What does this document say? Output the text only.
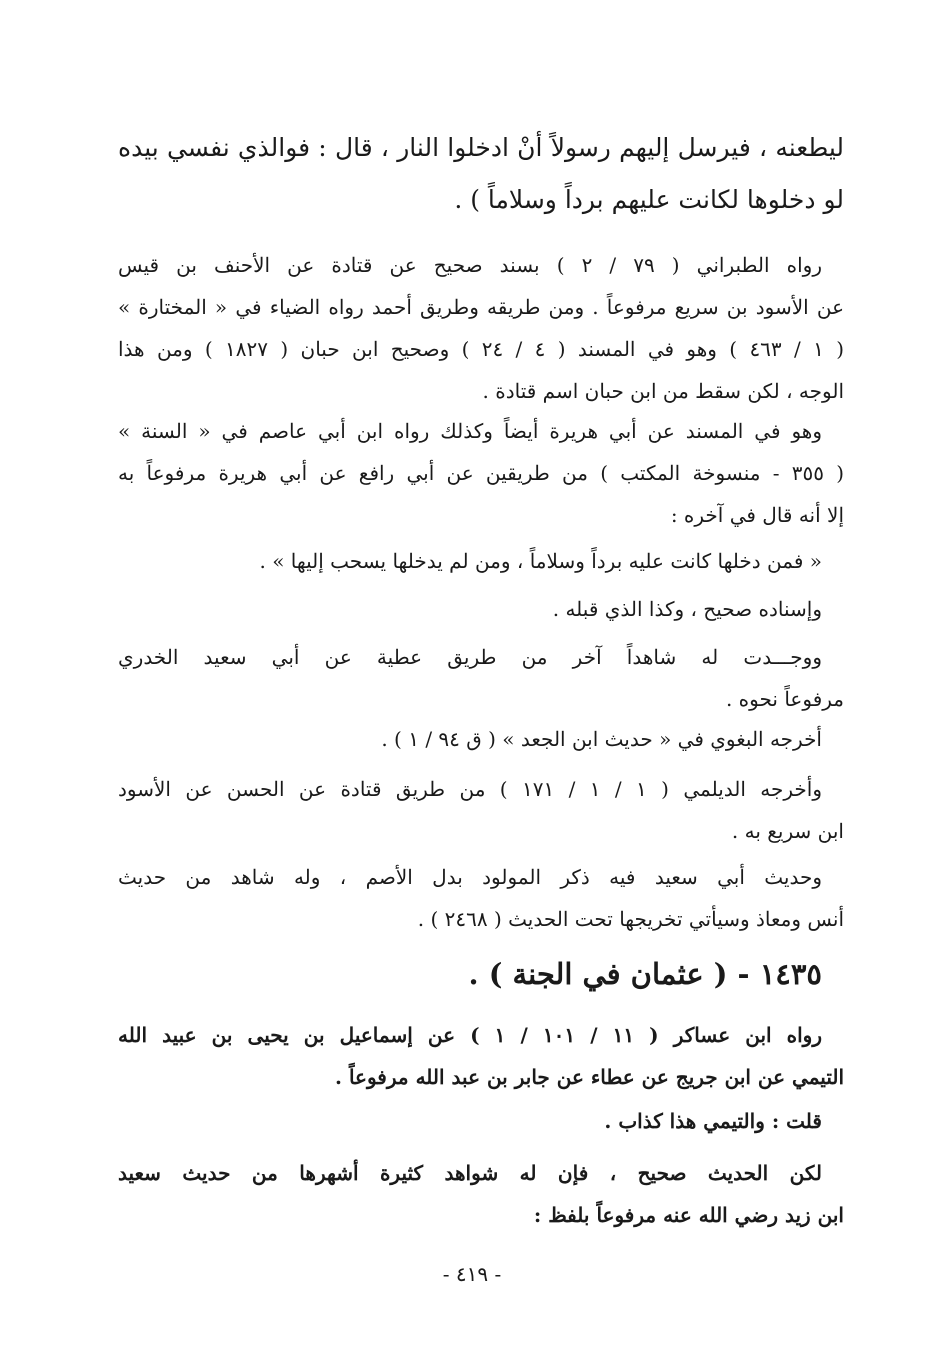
ليطعنه ، فيرسل إليهم رسولاً أنْ ادخلوا النار ، قال : فوالذي نفسي بيده
لو دخلوها لكانت عليهم برداً وسلاماً ) .
رواه الطبراني ( ٧٩ / ٢ ) بسند صحيح عن قتادة عن الأحنف بن قيس
عن الأسود بن سريع مرفوعاً . ومن طريقه وطريق أحمد رواه الضياء في « المختارة »
( ١ / ٤٦٣ ) وهو في المسند ( ٤ / ٢٤ ) وصحيح ابن حبان ( ١٨٢٧ ) ومن هذا
الوجه ، لكن سقط من ابن حبان اسم قتادة .
وهو في المسند عن أبي هريرة أيضاً وكذلك رواه ابن أبي عاصم في « السنة »
( ٣٥٥ - منسوخة المكتب ) من طريقين عن أبي رافع عن أبي هريرة مرفوعاً به
إلا أنه قال في آخره :
« فمن دخلها كانت عليه برداً وسلاماً ، ومن لم يدخلها يسحب إليها » .
وإسناده صحيح ، وكذا الذي قبله .
ووجـــدت له شاهداً آخر من طريق عطية عن أبي سعيد الخدري
مرفوعاً نحوه .
أخرجه البغوي في « حديث ابن الجعد » ( ق ٩٤ / ١ ) .
وأخرجه الديلمي ( ١ / ١ / ١٧١ ) من طريق قتادة عن الحسن عن الأسود
ابن سريع به .
وحديث أبي سعيد فيه ذكر المولود بدل الأصم ، وله شاهد من حديث
أنس ومعاذ وسيأتي تخريجها تحت الحديث ( ٢٤٦٨ ) .
١٤٣٥ - ( عثمان في الجنة ) .
رواه ابن عساكر ( ١١ / ١٠١ / ١ ) عن إسماعيل بن يحيى بن عبيد الله
التيمي عن ابن جريج عن عطاء عن جابر بن عبد الله مرفوعاً .
قلت : والتيمي هذا كذاب .
لكن الحديث صحيح ، فإن له شواهد كثيرة أشهرها من حديث سعيد
ابن زيد رضي الله عنه مرفوعاً بلفظ :
- ٤١٩ -
